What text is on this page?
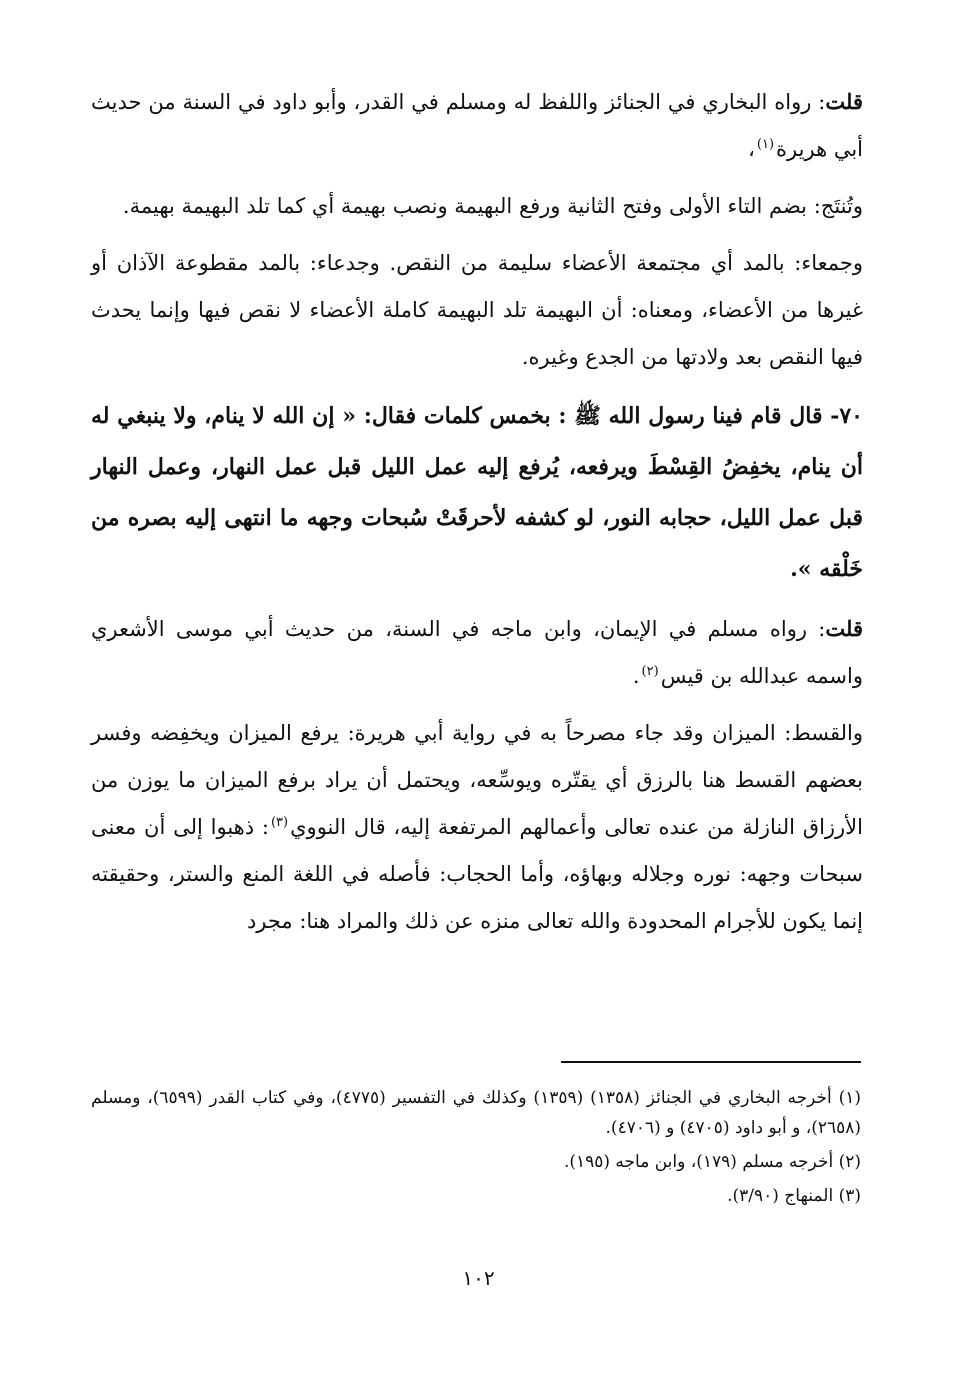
قلت: رواه البخاري في الجنائز واللفظ له ومسلم في القدر، وأبو داود في السنة من حديث أبي هريرة$^{(١)}$،

وتُنتَج: بضم التاء الأولى وفتح الثانية ورفع البهيمة ونصب بهيمة أي كما تلد البهيمة بهيمة.

وجمعاء: بالمد أي مجتمعة الأعضاء سليمة من النقص. وجدعاء: بالمد مقطوعة الآذان أو غيرها من الأعضاء، ومعناه: أن البهيمة تلد البهيمة كاملة الأعضاء لا نقص فيها وإنما يحدث فيها النقص بعد ولادتها من الجدع وغيره.

٧٠- قال قام فينا رسول الله ﷺ : بخمس كلمات فقال: « إن الله لا ينام، ولا ينبغي له أن ينام، يخفِضُ القِسْطَ ويرفعه، يُرفع إليه عمل الليل قبل عمل النهار، وعمل النهار قبل عمل الليل، حجابه النور، لو كشفه لأحرقَتْ سُبحات وجهه ما انتهى إليه بصره من خَلْقه ».

قلت: رواه مسلم في الإيمان، وابن ماجه في السنة، من حديث أبي موسى الأشعري واسمه عبدالله بن قيس$^{(٢)}$.

والقسط: الميزان وقد جاء مصرحاً به في رواية أبي هريرة: يرفع الميزان ويخفِضه وفسر بعضهم القسط هنا بالرزق أي يقتّره ويوسِّعه، ويحتمل أن يراد برفع الميزان ما يوزن من الأرزاق النازلة من عنده تعالى وأعمالهم المرتفعة إليه، قال النووي$^{(٣)}$: ذهبوا إلى أن معنى سبحات وجهه: نوره وجلاله وبهاؤه، وأما الحجاب: فأصله في اللغة المنع والستر، وحقيقته إنما يكون للأجرام المحدودة والله تعالى منزه عن ذلك والمراد هنا: مجرد

(١) أخرجه البخاري في الجنائز (١٣٥٨) (١٣٥٩) وكذلك في التفسير (٤٧٧٥)، وفي كتاب القدر (٦٥٩٩)، ومسلم (٢٦٥٨)، و أبو داود (٤٧٠٥) و (٤٧٠٦).

(٢) أخرجه مسلم (١٧٩)، وابن ماجه (١٩٥).

(٣) المنهاج (٣/٩٠).

١٠٢
